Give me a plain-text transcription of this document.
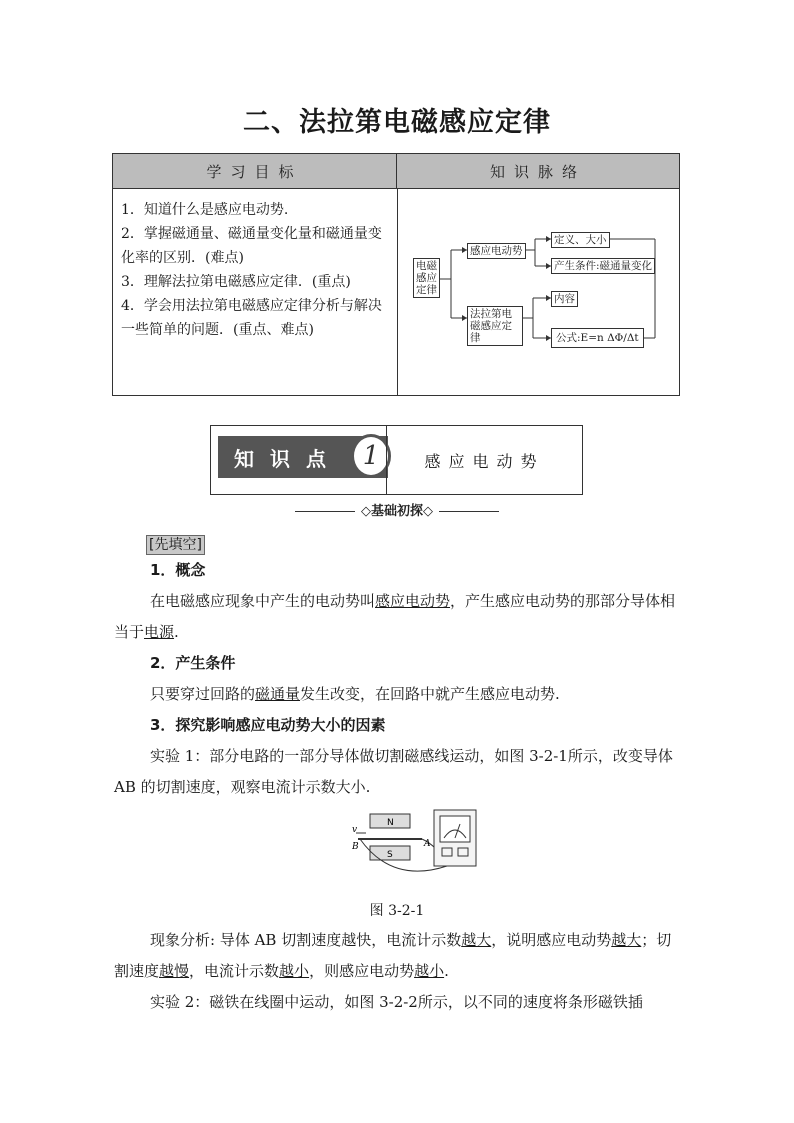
二、法拉第电磁感应定律
学习目标	知识脉络

1．知道什么是感应电动势.

2．掌握磁通量、磁通量变化量和磁通量变化率的区别．(难点)

3．理解法拉第电磁感应定律．(重点)

4．学会用法拉第电磁感应定律分析与解决一些简单的问题．(重点、难点)

电磁感应定律
感应电动势
定义、大小
产生条件:磁通量变化
法拉第电磁感应定律
内容
公式:E=n ΔΦ/Δt
知识点 1	感应电动势
◇基础初探◇
[先填空]

1．概念

在电磁感应现象中产生的电动势叫感应电动势，产生感应电动势的那部分导体相当于电源.

2．产生条件

只要穿过回路的磁通量发生改变，在回路中就产生感应电动势.

3．探究影响感应电动势大小的因素

实验 1：部分电路的一部分导体做切割磁感线运动，如图 3-2-1所示，改变导体 AB 的切割速度，观察电流计示数大小.

N
S
v
B	A
图 3-2-1

现象分析: 导体 AB 切割速度越快，电流计示数越大，说明感应电动势越大；切割速度越慢，电流计示数越小，则感应电动势越小.

实验 2：磁铁在线圈中运动，如图 3-2-2所示，以不同的速度将条形磁铁插
